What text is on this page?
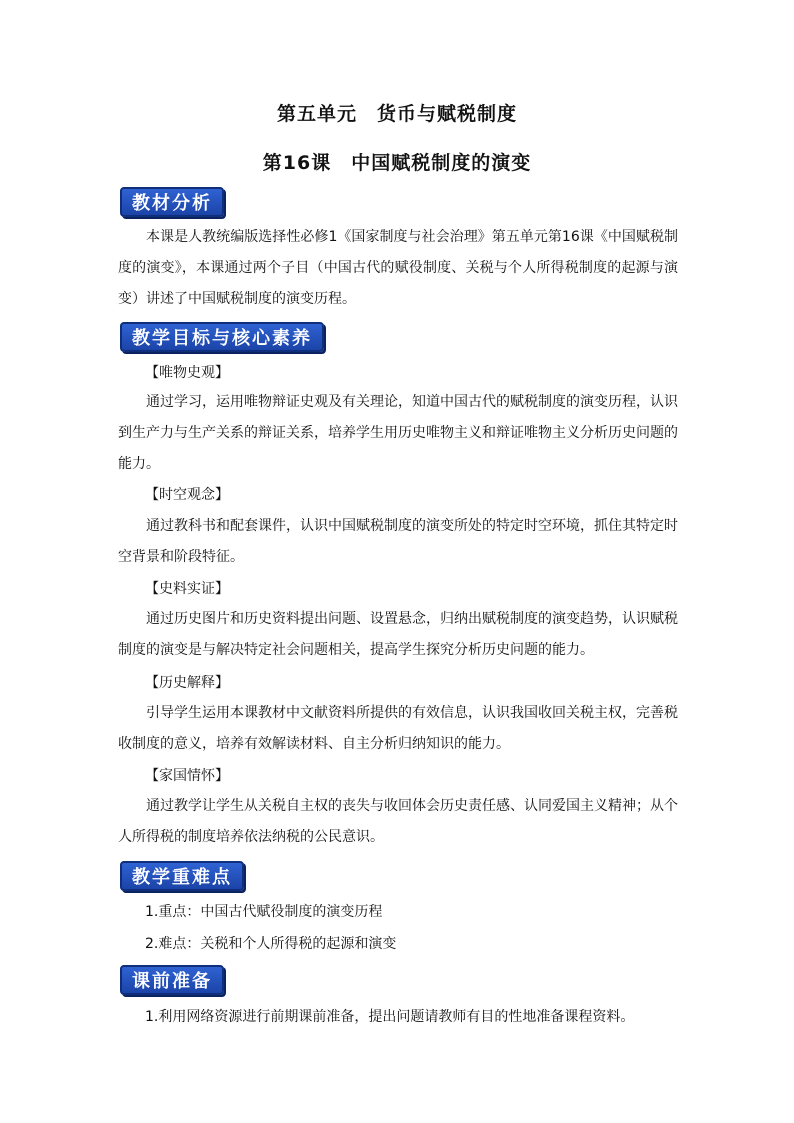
第五单元　货币与赋税制度
第16课　中国赋税制度的演变
教材分析
本课是人教统编版选择性必修1《国家制度与社会治理》第五单元第16课《中国赋税制度的演变》，本课通过两个子目（中国古代的赋役制度、关税与个人所得税制度的起源与演变）讲述了中国赋税制度的演变历程。
教学目标与核心素养
【唯物史观】
通过学习，运用唯物辩证史观及有关理论，知道中国古代的赋税制度的演变历程，认识到生产力与生产关系的辩证关系，培养学生用历史唯物主义和辩证唯物主义分析历史问题的能力。
【时空观念】
通过教科书和配套课件，认识中国赋税制度的演变所处的特定时空环境，抓住其特定时空背景和阶段特征。
【史料实证】
通过历史图片和历史资料提出问题、设置悬念，归纳出赋税制度的演变趋势，认识赋税制度的演变是与解决特定社会问题相关，提高学生探究分析历史问题的能力。
【历史解释】
引导学生运用本课教材中文献资料所提供的有效信息，认识我国收回关税主权，完善税收制度的意义，培养有效解读材料、自主分析归纳知识的能力。
【家国情怀】
通过教学让学生从关税自主权的丧失与收回体会历史责任感、认同爱国主义精神；从个人所得税的制度培养依法纳税的公民意识。
教学重难点
1.重点：中国古代赋役制度的演变历程
2.难点：关税和个人所得税的起源和演变
课前准备
1.利用网络资源进行前期课前准备，提出问题请教师有目的性地准备课程资料。
